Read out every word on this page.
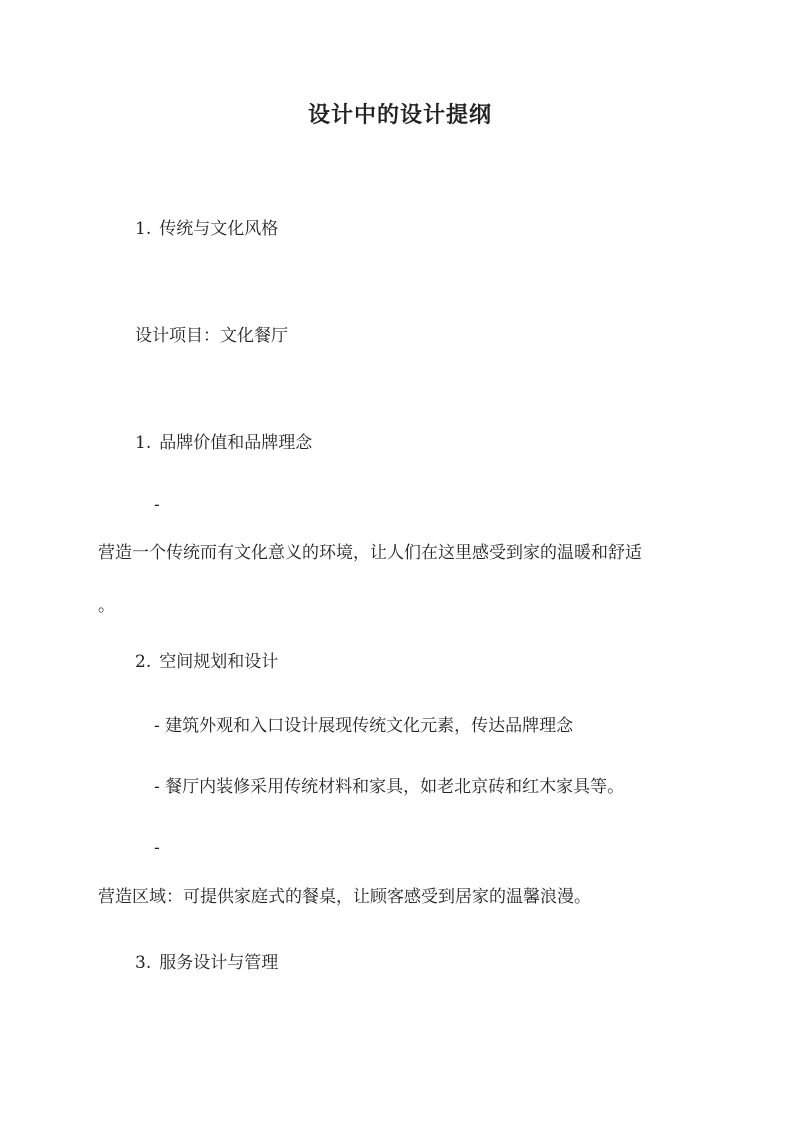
设计中的设计提纲
1. 传统与文化风格
设计项目：文化餐厅
1. 品牌价值和品牌理念
-
营造一个传统而有文化意义的环境，让人们在这里感受到家的温暖和舒适
。
2. 空间规划和设计
- 建筑外观和入口设计展现传统文化元素，传达品牌理念
- 餐厅内装修采用传统材料和家具，如老北京砖和红木家具等。
-
营造区域：可提供家庭式的餐桌，让顾客感受到居家的温馨浪漫。
3. 服务设计与管理
